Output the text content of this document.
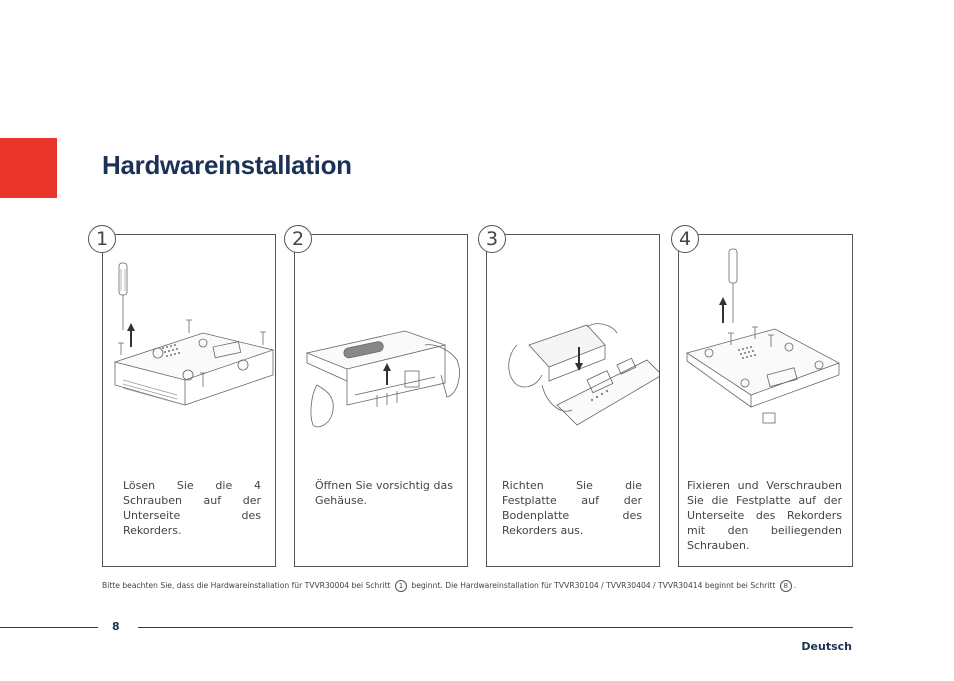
Hardwareinstallation

Lösen Sie die 4 Schrauben auf der Unterseite des Rekorders.

1

Öffnen Sie vorsichtig das Gehäuse.

2

Richten Sie die Festplatte auf der Bodenplatte des Rekorders aus.

3

Fixieren und Verschrauben Sie die Festplatte auf der Unterseite des Rekorders mit den beiliegenden Schrauben.

4
Bitte beachten Sie, dass die Hardwareinstallation für TVVR30004 bei Schritt 1 beginnt. Die Hardwareinstallation für TVVR30104 / TVVR30404 / TVVR30414 beginnt bei Schritt 8 .
8
Deutsch
